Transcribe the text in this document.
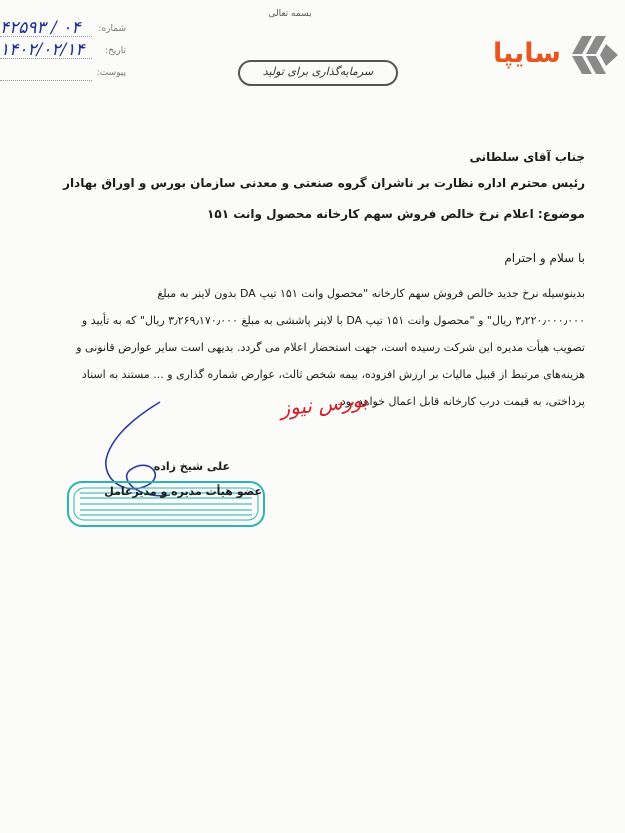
بسمه تعالی
شماره:
۴۲۵۹۳ / ۰۴
تاریخ:
۱۴۰۲/۰۲/۱۴
پیوست:	سرمایه‌گذاری برای تولید
سایپا
جناب آقای سلطانی
رئیس محترم اداره نظارت بر ناشران گروه صنعتی و معدنی سازمان بورس و اوراق بهادار
موضوع: اعلام نرخ خالص فروش سهم کارخانه محصول وانت ۱۵۱
با سلام و احترام
بدینوسیله نرخ جدید خالص فروش سهم کارخانه "محصول وانت ۱۵۱ تیپ DA بدون لاینر به مبلغ
۳٫۲۲۰٫۰۰۰٫۰۰۰ ریال" و "محصول وانت ۱۵۱ تیپ DA با لاینر پاششی به مبلغ ۳٫۲۶۹٫۱۷۰٫۰۰۰ ریال" که به تأیید و
تصویب هیأت مدیره این شرکت رسیده است، جهت استحضار اعلام می گردد. بدیهی است سایر عوارض قانونی و
هزینه‌های مرتبط از قبیل مالیات بر ارزش افزوده، بیمه شخص ثالث، عوارض شماره گذاری و ... مستند به اسناد
پرداختی، به قیمت درب کارخانه قابل اعمال خواهد بود.
بورس نیوز
علی شیخ زاده
عضو هیأت مدیره و مدیرعامل
